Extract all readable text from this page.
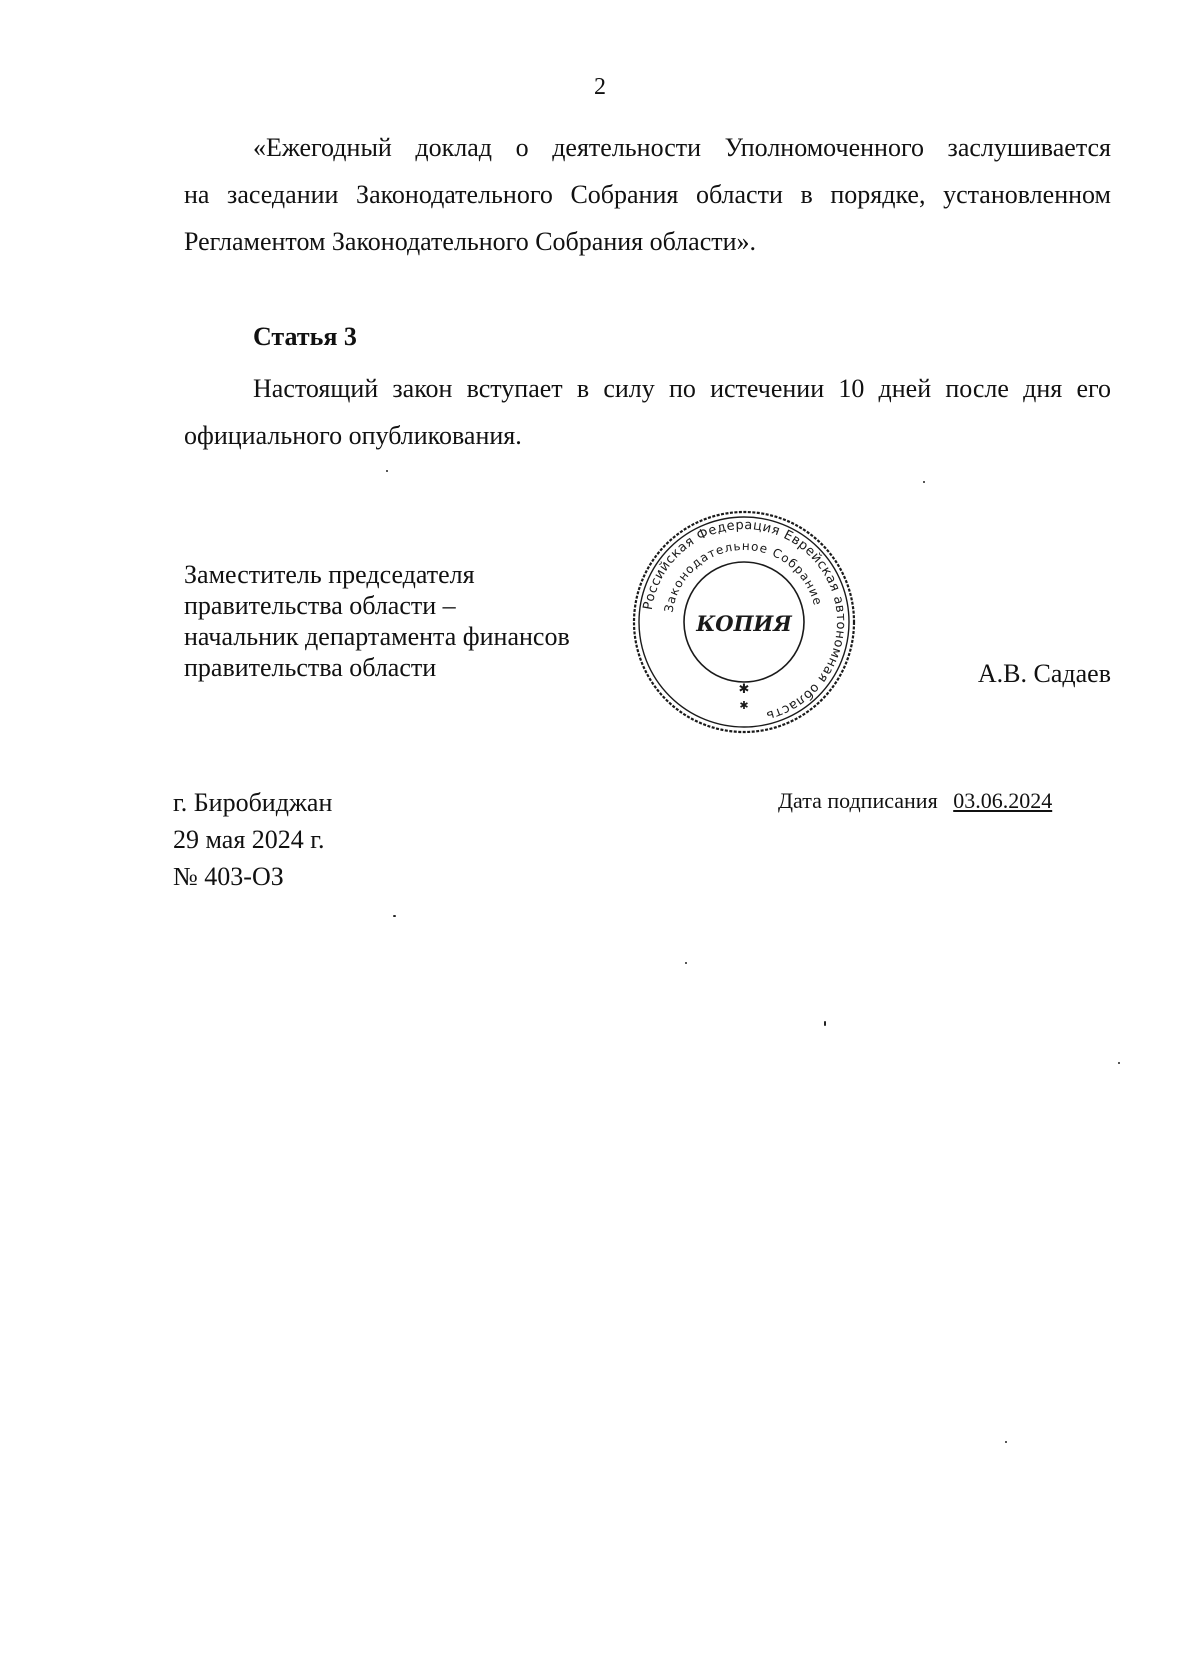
2
«Ежегодный доклад о деятельности Уполномоченного заслушивается
на заседании Законодательного Собрания области в порядке, установленном
Регламентом Законодательного Собрания области».
Статья 3
Настоящий закон вступает в силу по истечении 10 дней после дня его
официального опубликования.
Заместитель председателя
правительства области –
начальник департамента финансов
правительства области
Российская Федерация Еврейская автономная область
Законодательное Собрание
КОПИЯ
✱
✱
А.В. Садаев
г. Биробиджан
29 мая 2024 г.
№ 403-ОЗ
Дата подписания 03.06.2024
